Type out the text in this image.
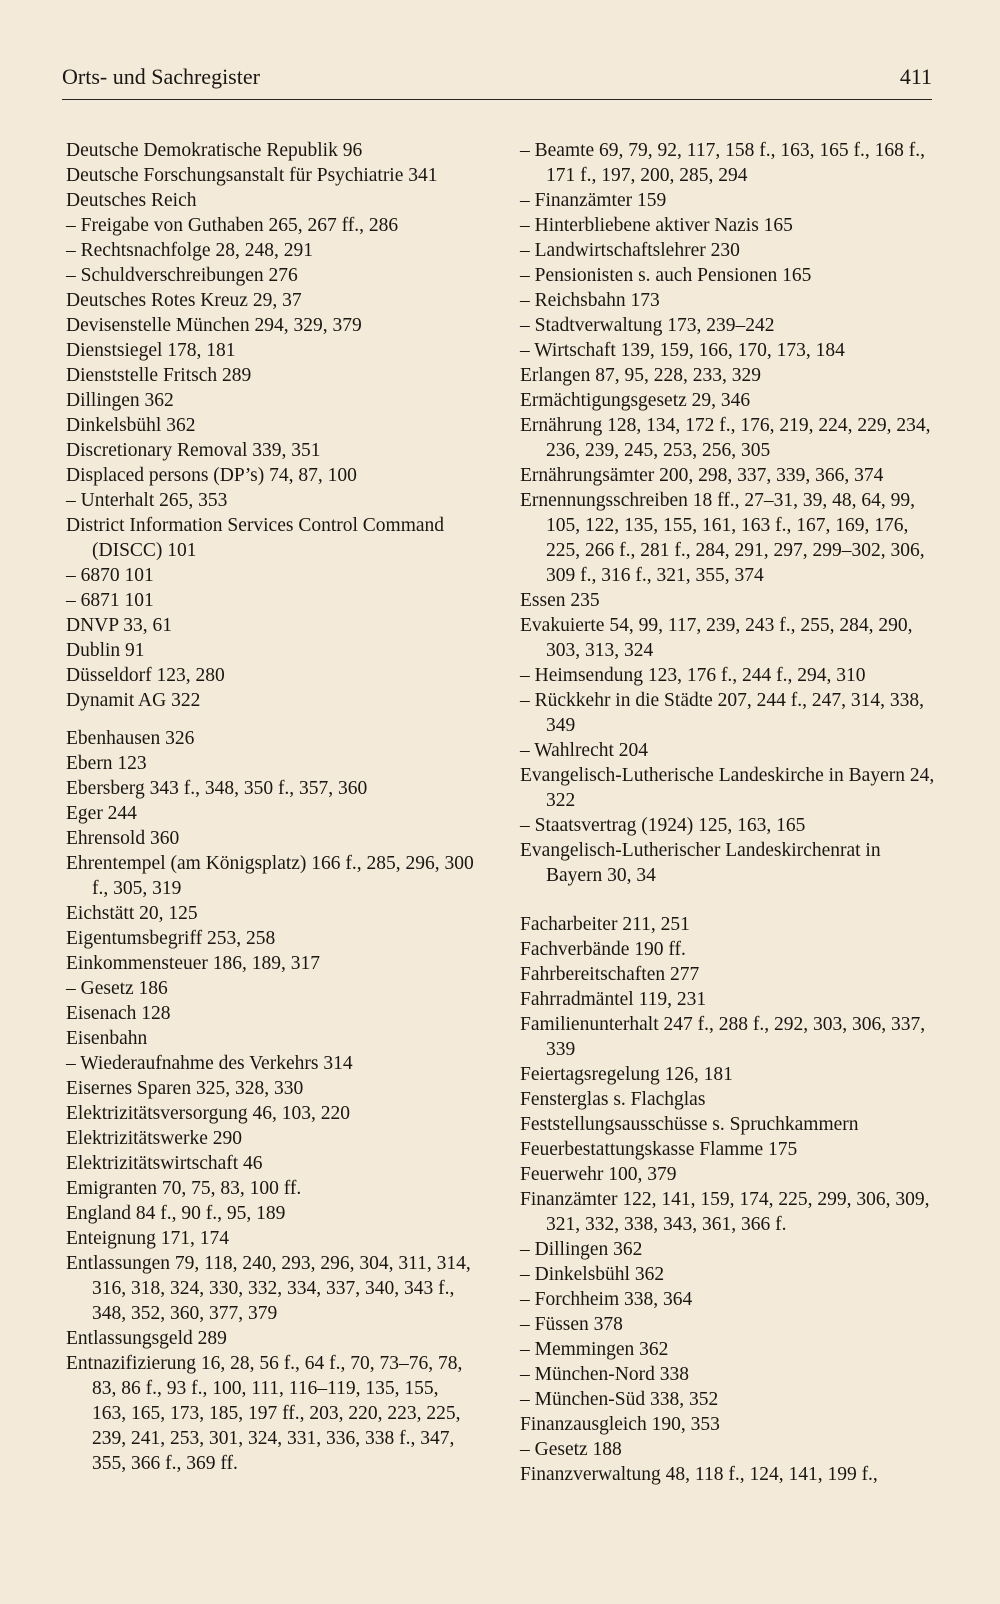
Orts- und Sachregister	411
Deutsche Demokratische Republik 96
Deutsche Forschungsanstalt für Psychiatrie 341
Deutsches Reich
– Freigabe von Guthaben 265, 267 ff., 286
– Rechtsnachfolge 28, 248, 291
– Schuldverschreibungen 276
Deutsches Rotes Kreuz 29, 37
Devisenstelle München 294, 329, 379
Dienstsiegel 178, 181
Dienststelle Fritsch 289
Dillingen 362
Dinkelsbühl 362
Discretionary Removal 339, 351
Displaced persons (DP’s) 74, 87, 100
– Unterhalt 265, 353
District Information Services Control Command (DISCC) 101
– 6870 101
– 6871 101
DNVP 33, 61
Dublin 91
Düsseldorf 123, 280
Dynamit AG 322
Ebenhausen 326
Ebern 123
Ebersberg 343 f., 348, 350 f., 357, 360
Eger 244
Ehrensold 360
Ehrentempel (am Königsplatz) 166 f., 285, 296, 300 f., 305, 319
Eichstätt 20, 125
Eigentumsbegriff 253, 258
Einkommensteuer 186, 189, 317
– Gesetz 186
Eisenach 128
Eisenbahn
– Wiederaufnahme des Verkehrs 314
Eisernes Sparen 325, 328, 330
Elektrizitätsversorgung 46, 103, 220
Elektrizitätswerke 290
Elektrizitätswirtschaft 46
Emigranten 70, 75, 83, 100 ff.
England 84 f., 90 f., 95, 189
Enteignung 171, 174
Entlassungen 79, 118, 240, 293, 296, 304, 311, 314, 316, 318, 324, 330, 332, 334, 337, 340, 343 f., 348, 352, 360, 377, 379
Entlassungsgeld 289
Entnazifizierung 16, 28, 56 f., 64 f., 70, 73–76, 78, 83, 86 f., 93 f., 100, 111, 116–119, 135, 155, 163, 165, 173, 185, 197 ff., 203, 220, 223, 225, 239, 241, 253, 301, 324, 331, 336, 338 f., 347, 355, 366 f., 369 ff.
– Beamte 69, 79, 92, 117, 158 f., 163, 165 f., 168 f., 171 f., 197, 200, 285, 294
– Finanzämter 159
– Hinterbliebene aktiver Nazis 165
– Landwirtschaftslehrer 230
– Pensionisten s. auch Pensionen 165
– Reichsbahn 173
– Stadtverwaltung 173, 239–242
– Wirtschaft 139, 159, 166, 170, 173, 184
Erlangen 87, 95, 228, 233, 329
Ermächtigungsgesetz 29, 346
Ernährung 128, 134, 172 f., 176, 219, 224, 229, 234, 236, 239, 245, 253, 256, 305
Ernährungsämter 200, 298, 337, 339, 366, 374
Ernennungsschreiben 18 ff., 27–31, 39, 48, 64, 99, 105, 122, 135, 155, 161, 163 f., 167, 169, 176, 225, 266 f., 281 f., 284, 291, 297, 299–302, 306, 309 f., 316 f., 321, 355, 374
Essen 235
Evakuierte 54, 99, 117, 239, 243 f., 255, 284, 290, 303, 313, 324
– Heimsendung 123, 176 f., 244 f., 294, 310
– Rückkehr in die Städte 207, 244 f., 247, 314, 338, 349
– Wahlrecht 204
Evangelisch-Lutherische Landeskirche in Bayern 24, 322
– Staatsvertrag (1924) 125, 163, 165
Evangelisch-Lutherischer Landeskirchenrat in Bayern 30, 34
Facharbeiter 211, 251
Fachverbände 190 ff.
Fahrbereitschaften 277
Fahrradmäntel 119, 231
Familienunterhalt 247 f., 288 f., 292, 303, 306, 337, 339
Feiertagsregelung 126, 181
Fensterglas s. Flachglas
Feststellungsausschüsse s. Spruchkammern
Feuerbestattungskasse Flamme 175
Feuerwehr 100, 379
Finanzämter 122, 141, 159, 174, 225, 299, 306, 309, 321, 332, 338, 343, 361, 366 f.
– Dillingen 362
– Dinkelsbühl 362
– Forchheim 338, 364
– Füssen 378
– Memmingen 362
– München-Nord 338
– München-Süd 338, 352
Finanzausgleich 190, 353
– Gesetz 188
Finanzverwaltung 48, 118 f., 124, 141, 199 f.,
